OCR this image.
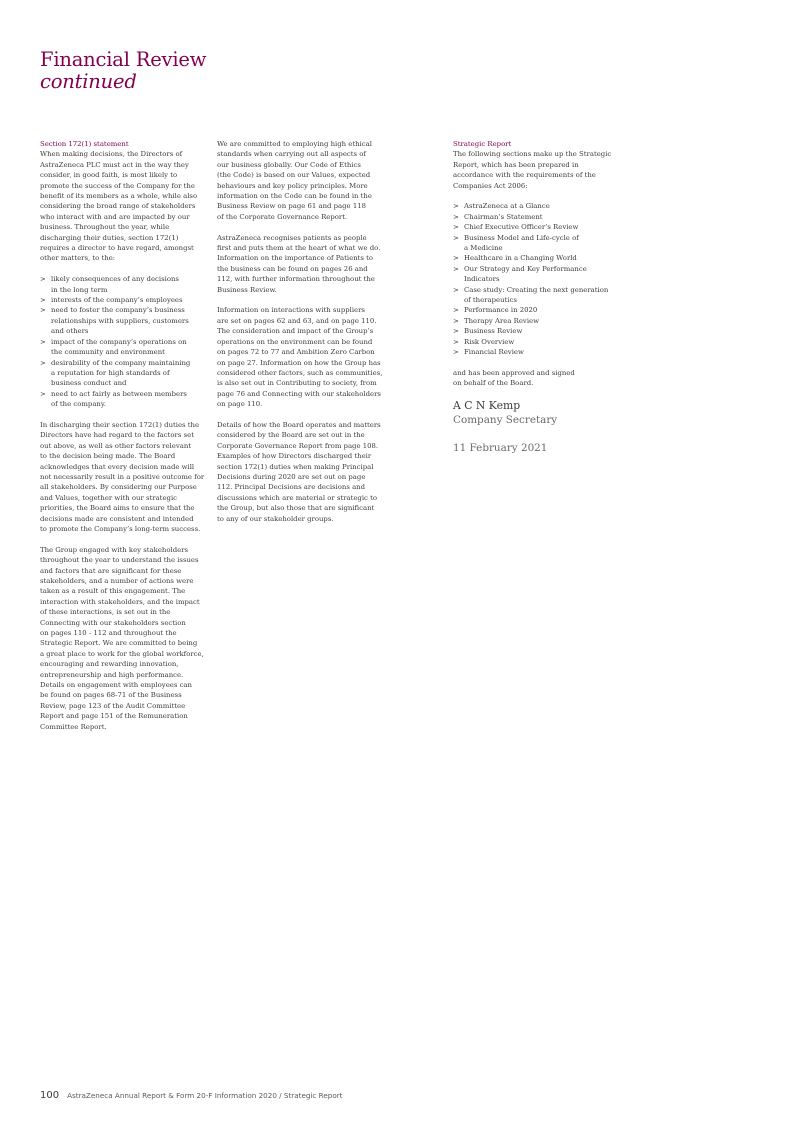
Financial Review
continued
Section 172(1) statement

When making decisions, the Directors of
AstraZeneca PLC must act in the way they
consider, in good faith, is most likely to
promote the success of the Company for the
benefit of its members as a whole, while also
considering the broad range of stakeholders
who interact with and are impacted by our
business. Throughout the year, while
discharging their duties, section 172(1)
requires a director to have regard, amongst
other matters, to the:

> likely consequences of any decisions
in the long term
> interests of the company’s employees
> need to foster the company’s business
relationships with suppliers, customers
and others
> impact of the company’s operations on
the community and environment
> desirability of the company maintaining
a reputation for high standards of
business conduct and
> need to act fairly as between members
of the company.

In discharging their section 172(1) duties the
Directors have had regard to the factors set
out above, as well as other factors relevant
to the decision being made. The Board
acknowledges that every decision made will
not necessarily result in a positive outcome for
all stakeholders. By considering our Purpose
and Values, together with our strategic
priorities, the Board aims to ensure that the
decisions made are consistent and intended
to promote the Company’s long-term success.

The Group engaged with key stakeholders
throughout the year to understand the issues
and factors that are significant for these
stakeholders, and a number of actions were
taken as a result of this engagement. The
interaction with stakeholders, and the impact
of these interactions, is set out in the
Connecting with our stakeholders section
on pages 110 - 112 and throughout the
Strategic Report. We are committed to being
a great place to work for the global workforce,
encouraging and rewarding innovation,
entrepreneurship and high performance.
Details on engagement with employees can
be found on pages 68-71 of the Business
Review, page 123 of the Audit Committee
Report and page 151 of the Remuneration
Committee Report.

We are committed to employing high ethical
standards when carrying out all aspects of
our business globally. Our Code of Ethics
(the Code) is based on our Values, expected
behaviours and key policy principles. More
information on the Code can be found in the
Business Review on page 61 and page 118
of the Corporate Governance Report.

AstraZeneca recognises patients as people
first and puts them at the heart of what we do.
Information on the importance of Patients to
the business can be found on pages 26 and
112, with further information throughout the
Business Review.

Information on interactions with suppliers
are set on pages 62 and 63, and on page 110.
The consideration and impact of the Group’s
operations on the environment can be found
on pages 72 to 77 and Ambition Zero Carbon
on page 27. Information on how the Group has
considered other factors, such as communities,
is also set out in Contributing to society, from
page 76 and Connecting with our stakeholders
on page 110.

Details of how the Board operates and matters
considered by the Board are set out in the
Corporate Governance Report from page 108.
Examples of how Directors discharged their
section 172(1) duties when making Principal
Decisions during 2020 are set out on page
112. Principal Decisions are decisions and
discussions which are material or strategic to
the Group, but also those that are significant
to any of our stakeholder groups.

Strategic Report

The following sections make up the Strategic
Report, which has been prepared in
accordance with the requirements of the
Companies Act 2006:

> AstraZeneca at a Glance
> Chairman’s Statement
> Chief Executive Officer’s Review
> Business Model and Life-cycle of
a Medicine
> Healthcare in a Changing World
> Our Strategy and Key Performance
Indicators
> Case study: Creating the next generation
of therapeutics
> Performance in 2020
> Therapy Area Review
> Business Review
> Risk Overview
> Financial Review

and has been approved and signed
on behalf of the Board.

A C N Kemp
Company Secretary
11 February 2021
100 AstraZeneca Annual Report & Form 20-F Information 2020 / Strategic Report
